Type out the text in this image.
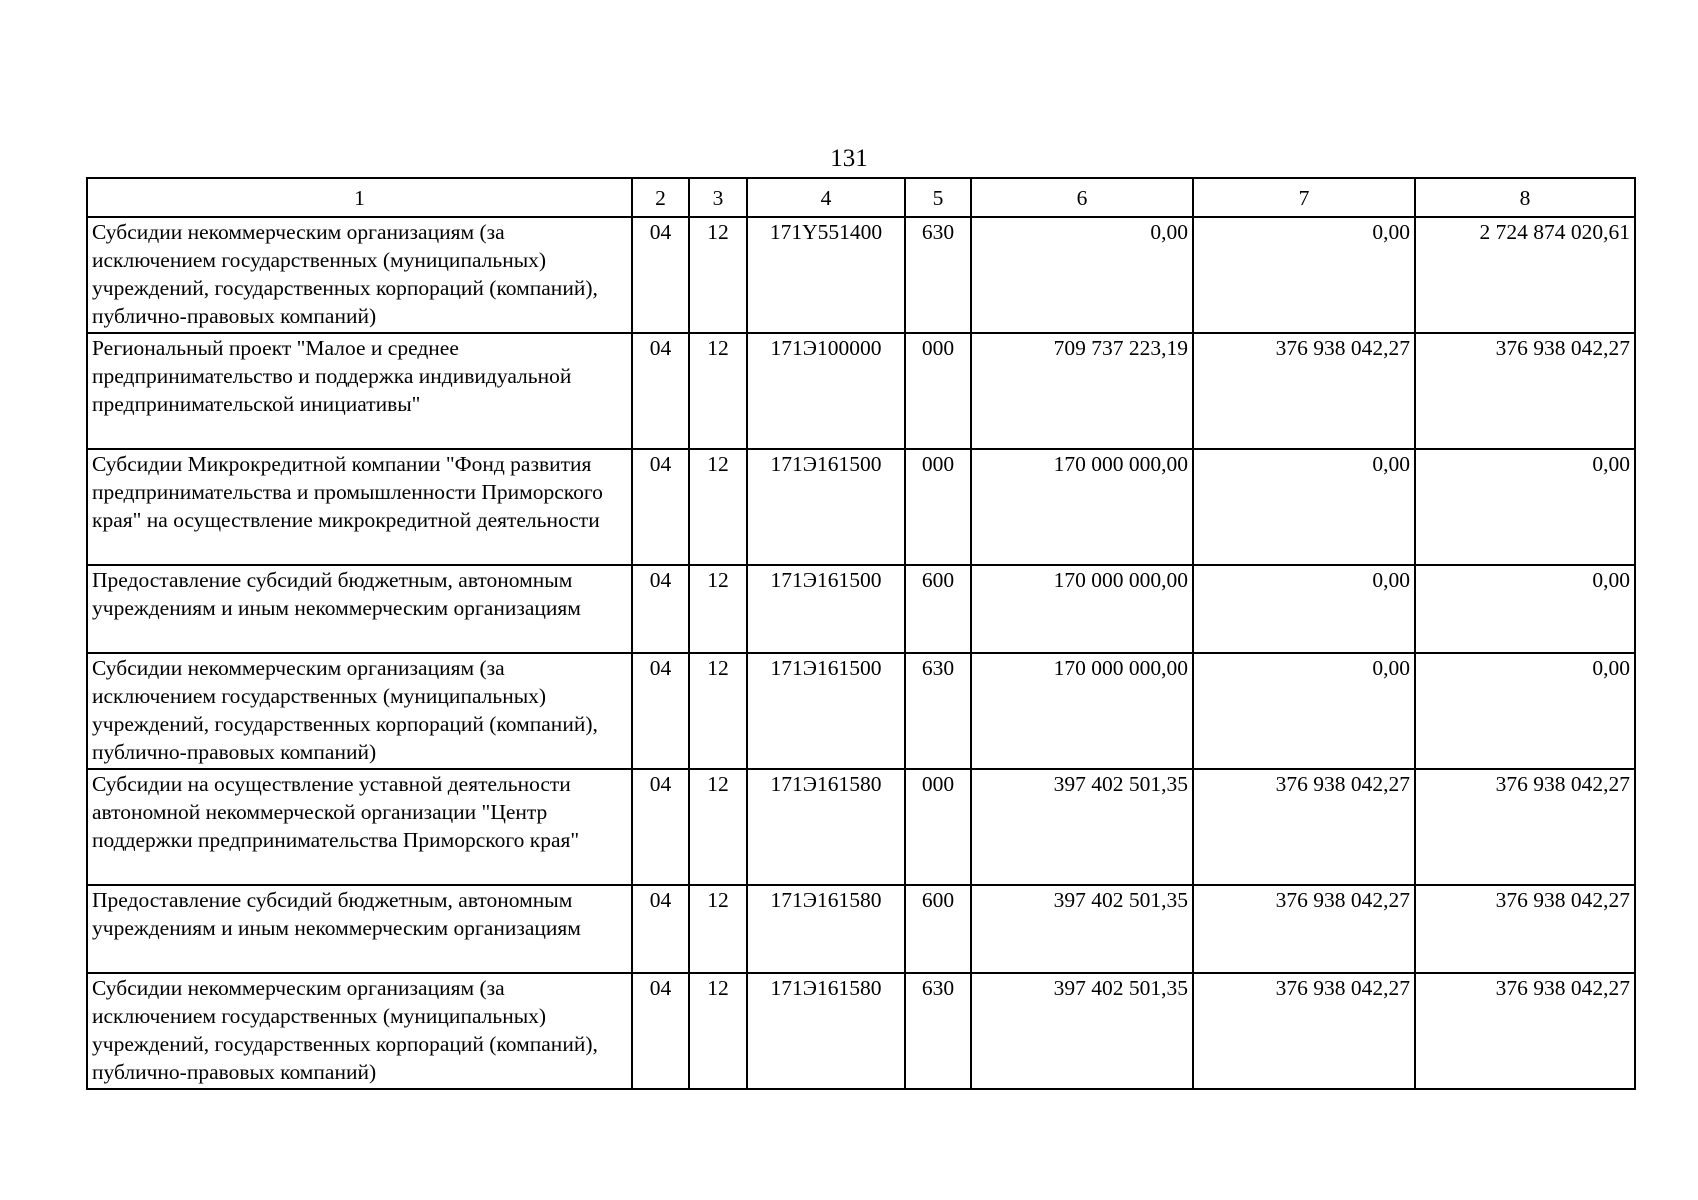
131
1	2	3	4	5	6	7	8
Субсидии некоммерческим организациям (за исключением государственных (муниципальных) учреждений, государственных корпораций (компаний), публично-правовых компаний)	04	12	171Y551400	630	0,00	0,00	2 724 874 020,61
Региональный проект "Малое и среднее предпринимательство и поддержка индивидуальной предпринимательской инициативы"	04	12	171Э100000	000	709 737 223,19	376 938 042,27	376 938 042,27
Субсидии Микрокредитной компании "Фонд развития предпринимательства и промышленности Приморского края" на осуществление микрокредитной деятельности	04	12	171Э161500	000	170 000 000,00	0,00	0,00
Предоставление субсидий бюджетным, автономным учреждениям и иным некоммерческим организациям	04	12	171Э161500	600	170 000 000,00	0,00	0,00
Субсидии некоммерческим организациям (за исключением государственных (муниципальных) учреждений, государственных корпораций (компаний), публично-правовых компаний)	04	12	171Э161500	630	170 000 000,00	0,00	0,00
Субсидии на осуществление уставной деятельности автономной некоммерческой организации "Центр поддержки предпринимательства Приморского края"	04	12	171Э161580	000	397 402 501,35	376 938 042,27	376 938 042,27
Предоставление субсидий бюджетным, автономным учреждениям и иным некоммерческим организациям	04	12	171Э161580	600	397 402 501,35	376 938 042,27	376 938 042,27
Субсидии некоммерческим организациям (за исключением государственных (муниципальных) учреждений, государственных корпораций (компаний), публично-правовых компаний)	04	12	171Э161580	630	397 402 501,35	376 938 042,27	376 938 042,27
